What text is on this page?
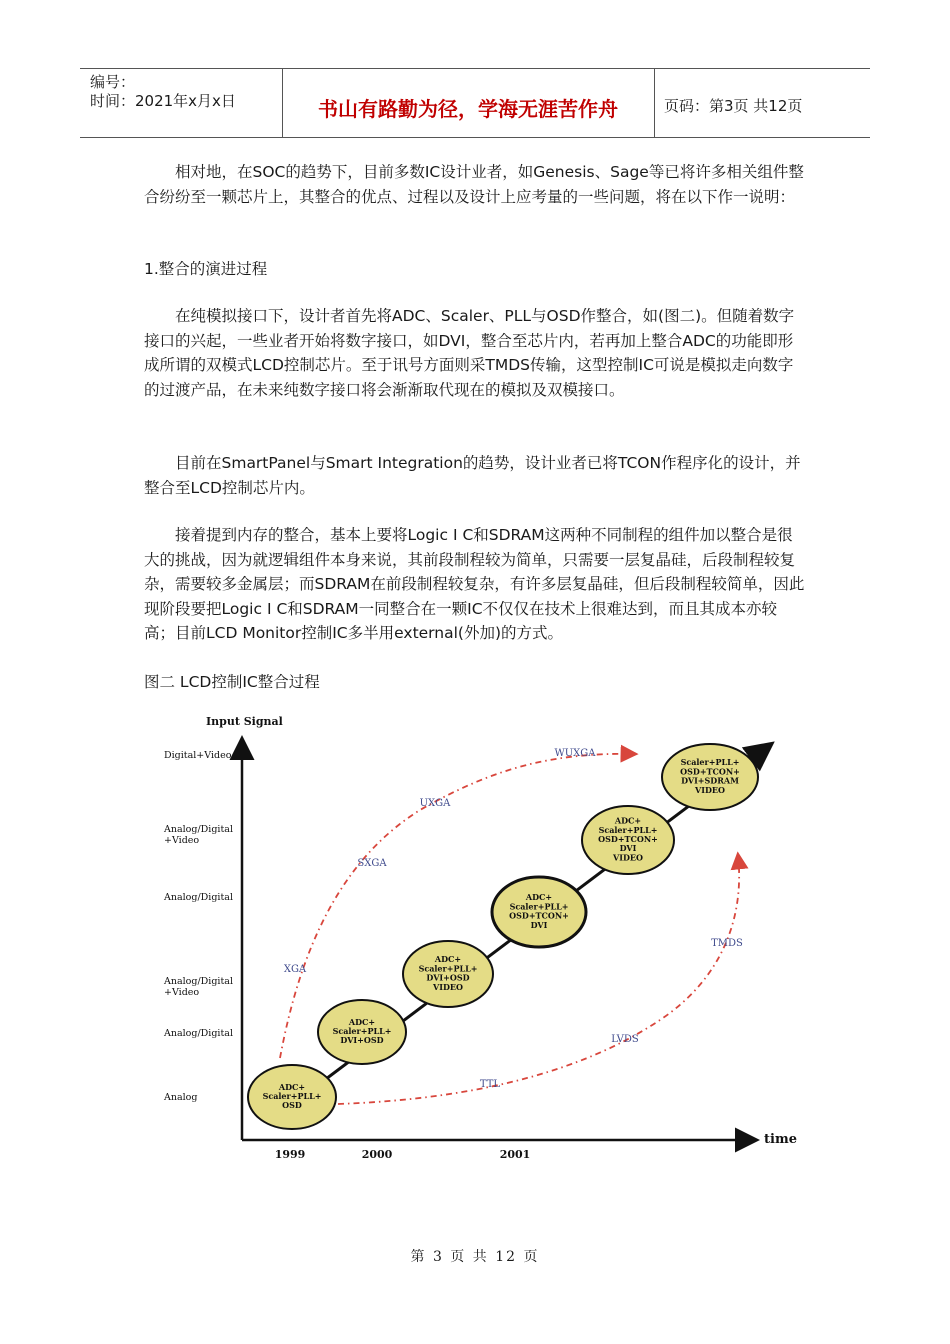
编号：
时间：2021年x月x日	书山有路勤为径，学海无涯苦作舟	页码：第3页 共12页

相对地，在SOC的趋势下，目前多数IC设计业者，如Genesis、Sage等已将许多相关组件整合纷纷至一颗芯片上，其整合的优点、过程以及设计上应考量的一些问题，将在以下作一说明：

1.整合的演进过程

在纯模拟接口下，设计者首先将ADC、Scaler、PLL与OSD作整合，如(图二)。但随着数字接口的兴起，一些业者开始将数字接口，如DVI，整合至芯片内，若再加上整合ADC的功能即形成所谓的双模式LCD控制芯片。至于讯号方面则采TMDS传输，这型控制IC可说是模拟走向数字的过渡产品，在未来纯数字接口将会渐渐取代现在的模拟及双模接口。

目前在SmartPanel与Smart Integration的趋势，设计业者已将TCON作程序化的设计，并整合至LCD控制芯片内。

接着提到内存的整合，基本上要将Logic I C和SDRAM这两种不同制程的组件加以整合是很大的挑战，因为就逻辑组件本身来说，其前段制程较为简单，只需要一层复晶硅，后段制程较复杂，需要较多金属层；而SDRAM在前段制程较复杂，有许多层复晶硅，但后段制程较简单，因此现阶段要把Logic I C和SDRAM一同整合在一颗IC不仅仅在技术上很难达到，而且其成本亦较高；目前LCD Monitor控制IC多半用external(外加)的方式。

图二 LCD控制IC整合过程

Input Signal
time
Digital+Video
Analog/Digital +Video
Analog/Digital
Analog/Digital +Video
Analog/Digital
Analog
1999	2000	2001
ADC+ Scaler+PLL+ OSD
ADC+ Scaler+PLL+ DVI+OSD
ADC+ Scaler+PLL+ DVI+OSD VIDEO
ADC+ Scaler+PLL+ OSD+TCON+ DVI
ADC+ Scaler+PLL+ OSD+TCON+ DVI VIDEO
Scaler+PLL+ OSD+TCON+ DVI+SDRAM VIDEO
XGA
SXGA
UXGA
WUXGA
TTL
LVDS
TMDS
第 3 页 共 12 页
